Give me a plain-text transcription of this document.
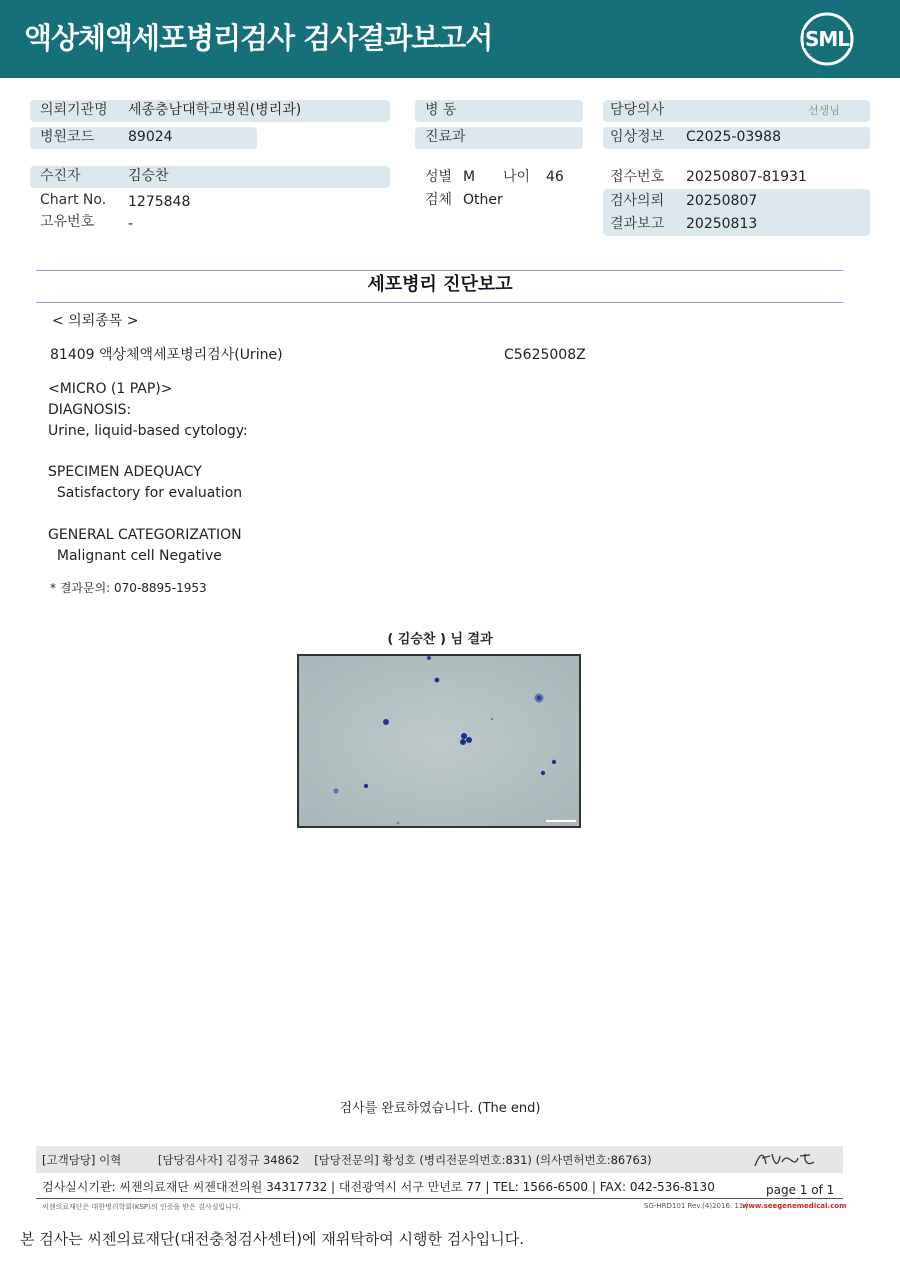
액상체액세포병리검사 검사결과보고서	SML
의뢰기관명 세종충남대학교병원(병리과)	병 동	담당의사	선생님
병원코드 89024	진료과	임상정보 C2025-03988
수진자	김승찬	성별 M 나이 46	접수번호 20250807-81931
Chart No. 1275848	검체 Other	검사의뢰 20250807
고유번호 -	결과보고 20250813
세포병리 진단보고
< 의뢰종목 >
81409 액상체액세포병리검사(Urine)	C5625008Z
<MICRO (1 PAP)>
DIAGNOSIS:
Urine, liquid-based cytology:
SPECIMEN ADEQUACY
Satisfactory for evaluation
GENERAL CATEGORIZATION
Malignant cell Negative
* 결과문의: 070-8895-1953
( 김승찬 ) 님 결과
검사를 완료하였습니다. (The end)
[고객담당] 이혁          [담당검사자] 김정규 34862    [담당전문의] 황성호 (병리전문의번호:831) (의사면허번호:86763)
검사실시기관: 씨젠의료재단 씨젠대전의원 34317732 | 대전광역시 서구 만년로 77 | TEL: 1566-6500 | FAX: 042-536-8130	page 1 of 1
씨젠의료재단은 대한병리학회(KSP)의 인증을 받은 검사실입니다.	SG-HRD101 Rev.(4)2016. 11 |
www.seegenemedical.com
본 검사는 씨젠의료재단(대전충청검사센터)에 재위탁하여 시행한 검사입니다.
